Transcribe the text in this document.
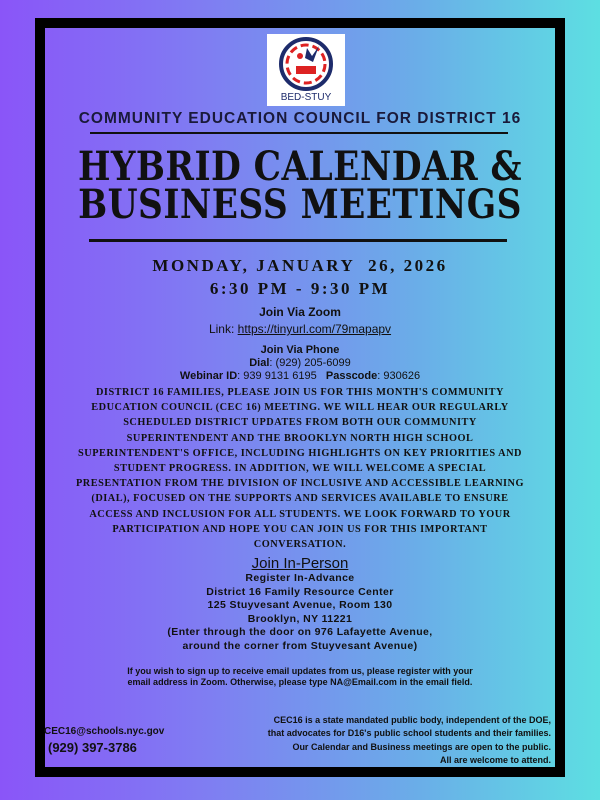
BED-STUY
COMMUNITY EDUCATION COUNCIL FOR DISTRICT 16
HYBRID CALENDAR &
BUSINESS MEETINGS
MONDAY, JANUARY  26, 2026
6:30 PM - 9:30 PM
Join Via Zoom
Link: https://tinyurl.com/79mapapv
Join Via Phone
Dial: (929) 205-6099
Webinar ID: 939 9131 6195 Passcode: 930626
DISTRICT 16 FAMILIES, PLEASE JOIN US FOR THIS MONTH'S COMMUNITY EDUCATION COUNCIL (CEC 16) MEETING. WE WILL HEAR OUR REGULARLY SCHEDULED DISTRICT UPDATES FROM BOTH OUR COMMUNITY SUPERINTENDENT AND THE BROOKLYN NORTH HIGH SCHOOL SUPERINTENDENT'S OFFICE, INCLUDING HIGHLIGHTS ON KEY PRIORITIES AND STUDENT PROGRESS. IN ADDITION, WE WILL WELCOME A SPECIAL PRESENTATION FROM THE DIVISION OF INCLUSIVE AND ACCESSIBLE LEARNING (DIAL), FOCUSED ON THE SUPPORTS AND SERVICES AVAILABLE TO ENSURE ACCESS AND INCLUSION FOR ALL STUDENTS. WE LOOK FORWARD TO YOUR PARTICIPATION AND HOPE YOU CAN JOIN US FOR THIS IMPORTANT CONVERSATION.
Join In-Person
Register In-Advance
District 16 Family Resource Center
125 Stuyvesant Avenue, Room 130
Brooklyn, NY 11221
(Enter through the door on 976 Lafayette Avenue,
around the corner from Stuyvesant Avenue)
If you wish to sign up to receive email updates from us, please register with your
email address in Zoom. Otherwise, please type NA@Email.com in the email field.
CEC16@schools.nyc.gov
(929) 397-3786
CEC16 is a state mandated public body, independent of the DOE,
that advocates for D16's public school students and their families.
Our Calendar and Business meetings are open to the public.
All are welcome to attend.
